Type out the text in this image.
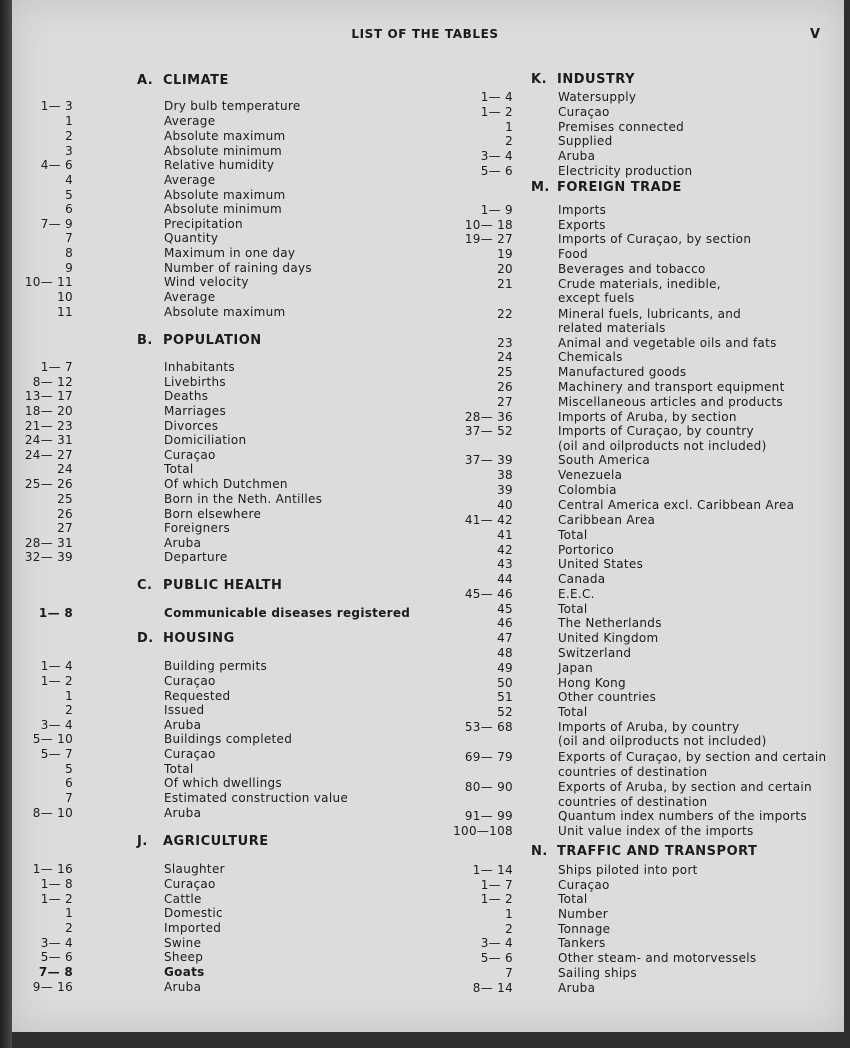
LIST OF THE TABLES	V
A. CLIMATE
1— 3	Dry bulb temperature
1	Average
2	Absolute maximum
3	Absolute minimum
4— 6	Relative humidity
4	Average
5	Absolute maximum
6	Absolute minimum
7— 9	Precipitation
7	Quantity
8	Maximum in one day
9	Number of raining days
10— 11	Wind velocity
10	Average
11	Absolute maximum
B. POPULATION
1— 7	Inhabitants
8— 12	Livebirths
13— 17	Deaths
18— 20	Marriages
21— 23	Divorces
24— 31	Domiciliation
24— 27	Curaçao
24	Total
25— 26	Of which Dutchmen
25	Born in the Neth. Antilles
26	Born elsewhere
27	Foreigners
28— 31	Aruba
32— 39	Departure
C. PUBLIC HEALTH
1— 8	Communicable diseases registered
D. HOUSING
1— 4	Building permits
1— 2	Curaçao
1	Requested
2	Issued
3— 4	Aruba
5— 10	Buildings completed
5— 7	Curaçao
5	Total
6	Of which dwellings
7	Estimated construction value
8— 10	Aruba
J. AGRICULTURE
1— 16	Slaughter
1— 8	Curaçao
1— 2	Cattle
1	Domestic
2	Imported
3— 4	Swine
5— 6	Sheep
7— 8	Goats
9— 16	Aruba
K. INDUSTRY
1— 4	Watersupply
1— 2	Curaçao
1	Premises connected
2	Supplied
3— 4	Aruba
5— 6	Electricity production
M. FOREIGN TRADE
1— 9	Imports
10— 18	Exports
19— 27	Imports of Curaçao, by section
19	Food
20	Beverages and tobacco
21	Crude materials, inedible,
except fuels
22	Mineral fuels, lubricants, and
related materials
23	Animal and vegetable oils and fats
24	Chemicals
25	Manufactured goods
26	Machinery and transport equipment
27	Miscellaneous articles and products
28— 36	Imports of Aruba, by section
37— 52	Imports of Curaçao, by country
(oil and oilproducts not included)
37— 39	South America
38	Venezuela
39	Colombia
40	Central America excl. Caribbean Area
41— 42	Caribbean Area
41	Total
42	Portorico
43	United States
44	Canada
45— 46	E.E.C.
45	Total
46	The Netherlands
47	United Kingdom
48	Switzerland
49	Japan
50	Hong Kong
51	Other countries
52	Total
53— 68	Imports of Aruba, by country
(oil and oilproducts not included)
69— 79	Exports of Curaçao, by section and certain
countries of destination
80— 90	Exports of Aruba, by section and certain
countries of destination
91— 99	Quantum index numbers of the imports
100—108	Unit value index of the imports
N. TRAFFIC AND TRANSPORT
1— 14	Ships piloted into port
1— 7	Curaçao
1— 2	Total
1	Number
2	Tonnage
3— 4	Tankers
5— 6	Other steam- and motorvessels
7	Sailing ships
8— 14	Aruba
